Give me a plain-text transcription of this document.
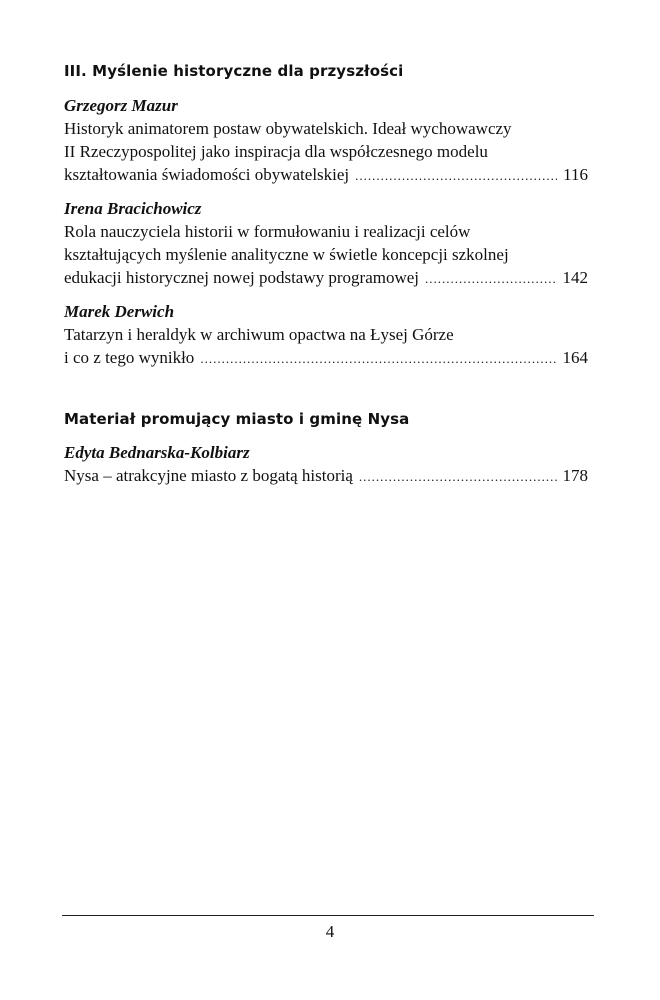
III. Myślenie historyczne dla przyszłości
Grzegorz Mazur
Historyk animatorem postaw obywatelskich. Ideał wychowawczy
II Rzeczypospolitej jako inspiracja dla współczesnego modelu
kształtowania świadomości obywatelskiej .....	116
Irena Bracichowicz
Rola nauczyciela historii w formułowaniu i realizacji celów
kształtujących myślenie analityczne w świetle koncepcji szkolnej
edukacji historycznej nowej podstawy programowej .....	142
Marek Derwich
Tatarzyn i heraldyk w archiwum opactwa na Łysej Górze
i co z tego wynikło .....	164
Materiał promujący miasto i gminę Nysa
Edyta Bednarska-Kolbiarz
Nysa – atrakcyjne miasto z bogatą historią .....	178
4
